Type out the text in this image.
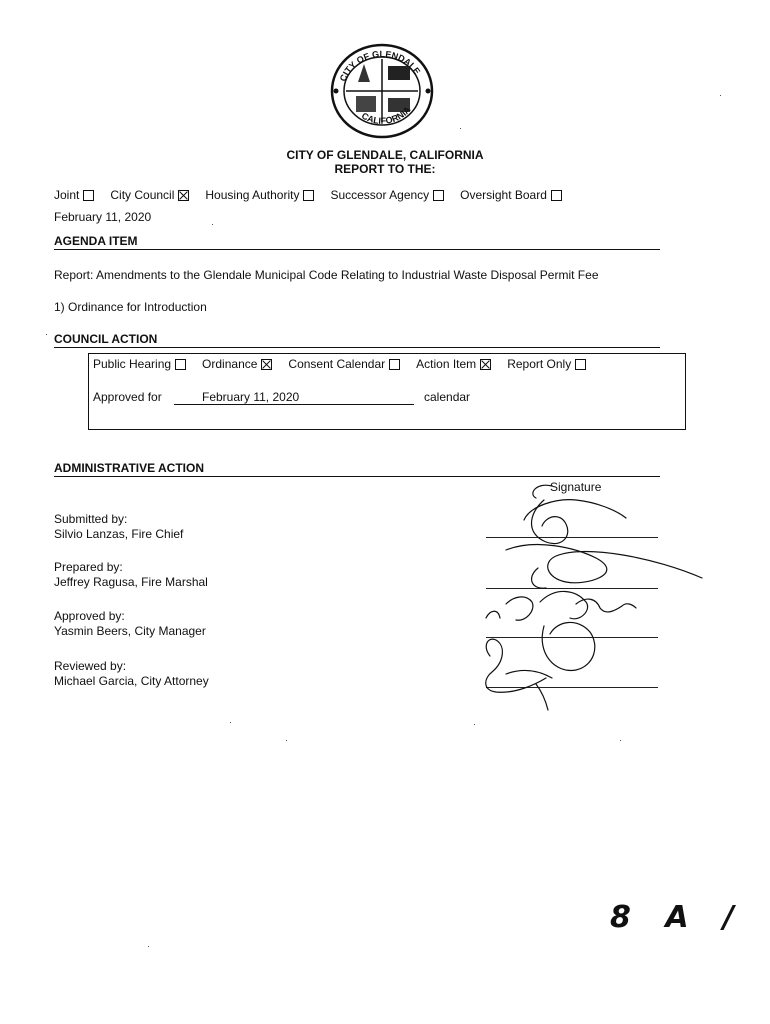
CITY OF GLENDALE
CALIFORNIA
CITY OF GLENDALE, CALIFORNIA
REPORT TO THE:
Joint	City Council	Housing Authority	Successor Agency	Oversight Board
February 11, 2020
AGENDA ITEM
Report: Amendments to the Glendale Municipal Code Relating to Industrial Waste Disposal Permit Fee
1) Ordinance for Introduction
COUNCIL ACTION
Public Hearing	Ordinance	Consent Calendar	Action Item	Report Only
Approved for	February 11, 2020	calendar
ADMINISTRATIVE ACTION
Signature
Submitted by:
Silvio Lanzas, Fire Chief
Prepared by:
Jeffrey Ragusa, Fire Marshal
Approved by:
Yasmin Beers, City Manager
Reviewed by:
Michael Garcia, City Attorney
8 A /
